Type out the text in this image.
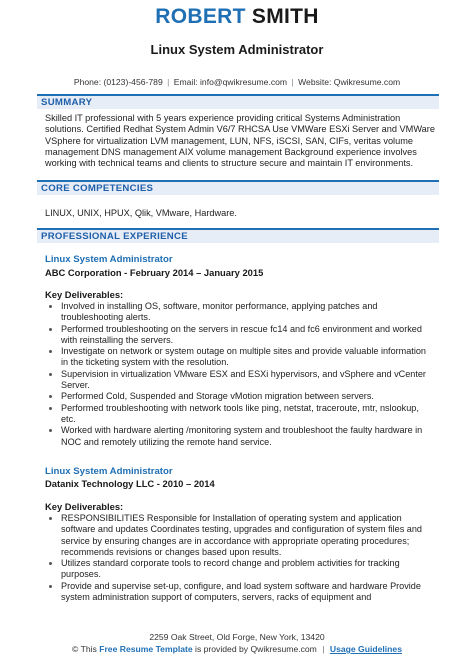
ROBERT SMITH
Linux System Administrator
Phone: (0123)-456-789 | Email: info@qwikresume.com | Website: Qwikresume.com
SUMMARY
Skilled IT professional with 5 years experience providing critical Systems Administration solutions. Certified Redhat System Admin V6/7 RHCSA Use VMWare ESXi Server and VMWare VSphere for virtualization LVM management, LUN, NFS, iSCSI, SAN, CIFs, veritas volume management DNS management AIX volume management Background experience involves working with technical teams and clients to structure secure and maintain IT environments.
CORE COMPETENCIES
LINUX, UNIX, HPUX, Qlik, VMware, Hardware.
PROFESSIONAL EXPERIENCE
Linux System Administrator
ABC Corporation - February 2014 – January 2015
Key Deliverables:
Involved in installing OS, software, monitor performance, applying patches and troubleshooting alerts.
Performed troubleshooting on the servers in rescue fc14 and fc6 environment and worked with reinstalling the servers.
Investigate on network or system outage on multiple sites and provide valuable information in the ticketing system with the resolution.
Supervision in virtualization VMware ESX and ESXi hypervisors, and vSphere and vCenter Server.
Performed Cold, Suspended and Storage vMotion migration between servers.
Performed troubleshooting with network tools like ping, netstat, traceroute, mtr, nslookup, etc.
Worked with hardware alerting /monitoring system and troubleshoot the faulty hardware in NOC and remotely utilizing the remote hand service.
Linux System Administrator
Datanix Technology LLC - 2010 – 2014
Key Deliverables:
RESPONSIBILITIES Responsible for Installation of operating system and application software and updates Coordinates testing, upgrades and configuration of system files and service by ensuring changes are in accordance with appropriate operating procedures; recommends revisions or changes based upon results.
Utilizes standard corporate tools to record change and problem activities for tracking purposes.
Provide and supervise set-up, configure, and load system software and hardware Provide system administration support of computers, servers, racks of equipment and
2259 Oak Street, Old Forge, New York, 13420
© This Free Resume Template is provided by Qwikresume.com | Usage Guidelines
